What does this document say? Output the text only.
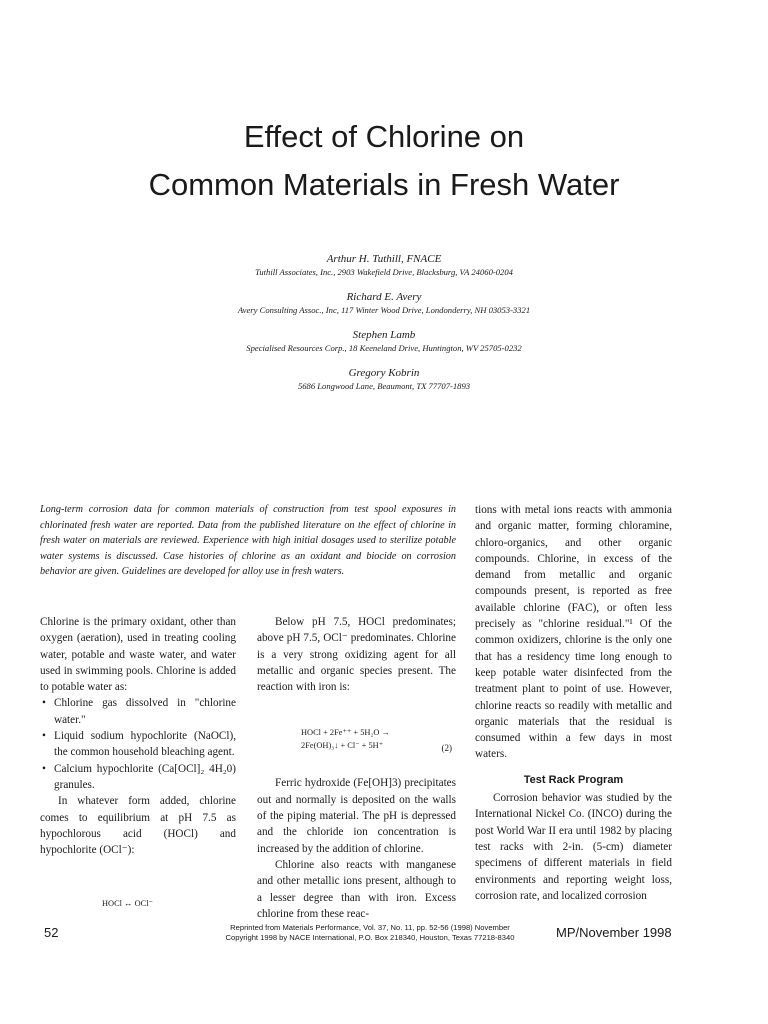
Effect of Chlorine on
Common Materials in Fresh Water
Arthur H. Tuthill, FNACE
Tuthill Associates, Inc., 2903 Wakefield Drive, Blacksburg, VA 24060-0204
Richard E. Avery
Avery Consulting Assoc., Inc, 117 Winter Wood Drive, Londonderry, NH 03053-3321
Stephen Lamb
Specialised Resources Corp., 18 Keeneland Drive, Huntington, WV 25705-0232
Gregory Kobrin
5686 Longwood Lane, Beaumont, TX 77707-1893
Long-term corrosion data for common materials of construction from test spool exposures in chlorinated fresh water are reported. Data from the published literature on the effect of chlorine in fresh water on materials are reviewed. Experience with high initial dosages used to sterilize potable water systems is discussed. Case histories of chlorine as an oxidant and biocide on corrosion behavior are given. Guidelines are developed for alloy use in fresh waters.

Chlorine is the primary oxidant, other than oxygen (aeration), used in treating cooling water, potable and waste water, and water used in swimming pools. Chlorine is added to potable water as:

• Chlorine gas dissolved in "chlorine water."
• Liquid sodium hypochlorite (NaOCl), the common household bleaching agent.
• Calcium hypochlorite (Ca[OCl]₂ 4H₂0) granules.

In whatever form added, chlorine comes to equilibrium at pH 7.5 as hypochlorous acid (HOCl) and hypochlorite (OCl⁻):

HOCl ↔ OCl⁻

Below pH 7.5, HOCl predominates; above pH 7.5, OCl⁻ predominates. Chlorine is a very strong oxidizing agent for all metallic and organic species present. The reaction with iron is:

HOCl + 2Fe⁺⁺ + 5H₂O →
2Fe(OH)₃↓ + Cl⁻ + 5H⁺	(2)

Ferric hydroxide (Fe[OH]3) precipitates out and normally is deposited on the walls of the piping material. The pH is depressed and the chloride ion concentration is increased by the addition of chlorine.

Chlorine also reacts with manganese and other metallic ions present, although to a lesser degree than with iron. Excess chlorine from these reac-

tions with metal ions reacts with ammonia and organic matter, forming chloramine, chloro-organics, and other organic compounds. Chlorine, in excess of the demand from metallic and organic compounds present, is reported as free available chlorine (FAC), or often less precisely as "chlorine residual."¹ Of the common oxidizers, chlorine is the only one that has a residency time long enough to keep potable water disinfected from the treatment plant to point of use. However, chlorine reacts so readily with metallic and organic materials that the residual is consumed within a few days in most waters.

Test Rack Program

Corrosion behavior was studied by the International Nickel Co. (INCO) during the post World War II era until 1982 by placing test racks with 2-in. (5-cm) diameter specimens of different materials in field environments and reporting weight loss, corrosion rate, and localized corrosion

52	Reprinted from Materials Performance, Vol. 37, No. 11, pp. 52-56 (1998) November
Copyright 1998 by NACE International, P.O. Box 218340, Houston, Texas 77218-8340	MP/November 1998
